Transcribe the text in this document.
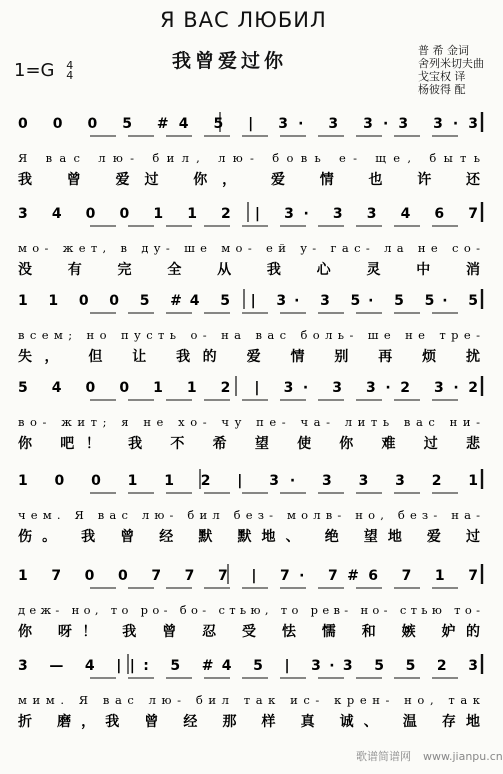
Я ВАС ЛЮБИЛ
我曾爱过你
1=G 4
4
普 希 金词
舍列米切夫曲
戈宝权 译
杨彼得 配
0 0 0 5 #4 5 | 3· 3 3·3 3·3
Я вас лю- бил, лю- бовь е- ще, быть
我 曾 爱过 你， 爱 情 也 许 还
3 4 0 0 1 1 2 | 3· 3 3 4 6 7
мо- жет, в ду- ше мо- ей у- гас- ла не со-
没 有 完 全 从 我 心 灵 中 消
1 1 0 0 5 #4 5 | 3· 3 5· 5 5· 5
всем; но пусть о- на вас боль- ше не тре-
失， 但 让 我的 爱 情 别 再 烦 扰
5 4 0 0 1 1 2 | 3· 3 3·2 3·2
во- жит; я не хо- чу пе- ча- лить вас ни-
你 吧！ 我 不 希 望 使 你 难 过 悲
1 0 0 1 1 2 | 3· 3 3 3 2 1
чем. Я вас лю- бил без- молв- но, без- на-
伤。 我 曾 经 默 默地、 绝 望地 爱 过
1 7 0 0 7 7 7 | 7· 7#6 7 1 7
деж- но, то ро- бо- стью, то рев- но- стью то-
你 呀！ 我 曾 忍 受 怯 懦 和 嫉 妒的
3 — 4 ||: 5 #4 5 | 3·3 5 5 2 3
мим. Я вас лю- бил так ис- крен- но, так
折 磨，我 曾 经 那 样 真 诚、 温 存地
歌谱简谱网 www.jianpu.cn
